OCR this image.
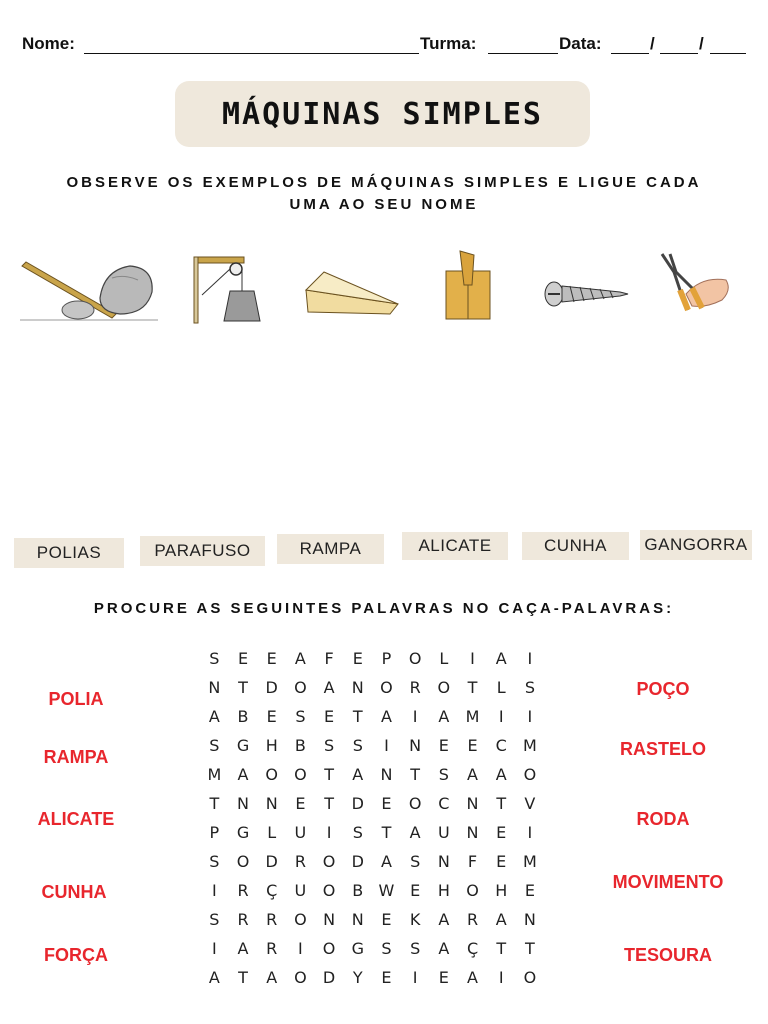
Nome:	Turma:	Data:	/	/
MÁQUINAS SIMPLES
OBSERVE OS EXEMPLOS DE MÁQUINAS SIMPLES E LIGUE CADA
UMA AO SEU NOME
POLIAS	PARAFUSO	RAMPA	ALICATE	CUNHA GANGORRA
PROCURE AS SEGUINTES PALAVRAS NO CAÇA-PALAVRAS:
POLIA
RAMPA
ALICATE
CUNHA
FORÇA
POÇO
RASTELO
RODA
MOVIMENTO
TESOURA
S	E	E	A	F	E	P	O	L	I	A	I
N	T	D	O	A	N	O	R	O	T	L	S
A	B	E	S	E	T	A	I	A	M	I	I
S	G	H	B	S	S	I	N	E	E	C	M
M	A	O	O	T	A	N	T	S	A	A	O
T	N	N	E	T	D	E	O	C	N	T	V
P	G	L	U	I	S	T	A	U	N	E	I
S	O	D	R	O	D	A	S	N	F	E	M
I	R	Ç	U	O	B W E	H	O	H	E
S	R	R	O	N	N	E	K	A	R	A	N
I	A	R	I	O	G	S	S	A	Ç	T	T
A	T	A	O	D	Y	E	I	E	A	I	O
